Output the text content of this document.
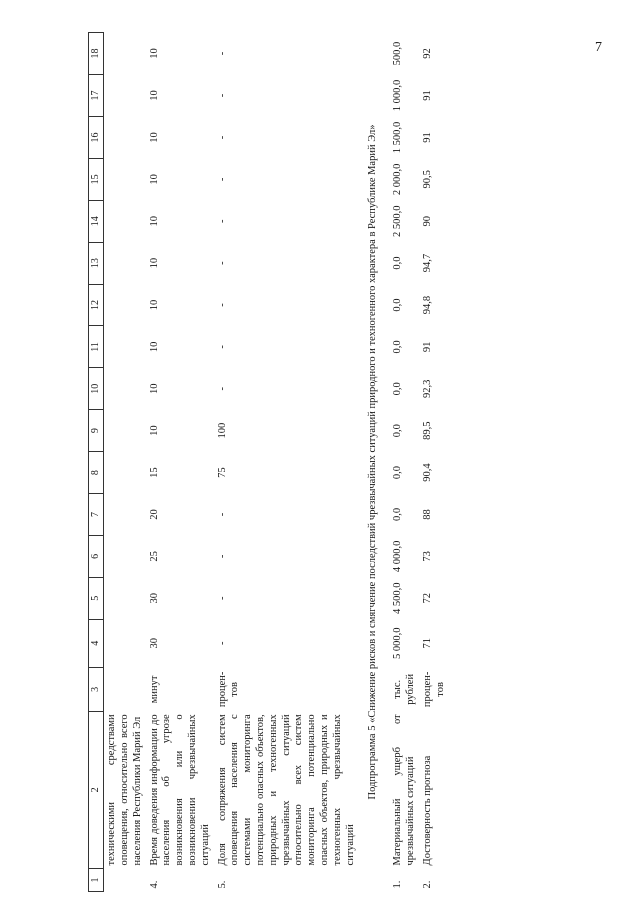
7
1	2	3	4	5	6	7	8	9	10	11	12	13	14	15	16	17	18
	техническими средствами оповещения, относительно всего населения Республики Марий Эл																
4.	Время доведения информации до населения об угрозе возникновения или о возникновении чрезвычайных ситуаций	минут	30	30	25	20	15	10	10	10	10	10	10	10	10	10	10
5.	Доля сопряжения систем оповещения населения с системами мониторинга потенциально опасных объектов, природных и техногенных чрезвычайных ситуаций относительно всех систем мониторинга потенциально опасных объектов, природных и техногенных чрезвычайных ситуаций	процен-тов	-	-	-	-	75	100	-	-	-	-	-	-	-	-	-
Подпрограмма 5 «Снижение рисков и смягчение последствий чрезвычайных ситуаций природного и техногенного характера в Республике Марий Эл»																	
1.	Материальный ущерб от чрезвычайных ситуаций	тыс. рублей	5 000,0	4 500,0	4 000,0	0,0	0,0	0,0	0,0	0,0	0,0	0,0	2 500,0	2 000,0	1 500,0	1 000,0	500,0
2.	Достоверность прогноза	процен-тов	71	72	73	88	90,4	89,5	92,3	91	94,8	94,7	90	90,5	91	91	92
